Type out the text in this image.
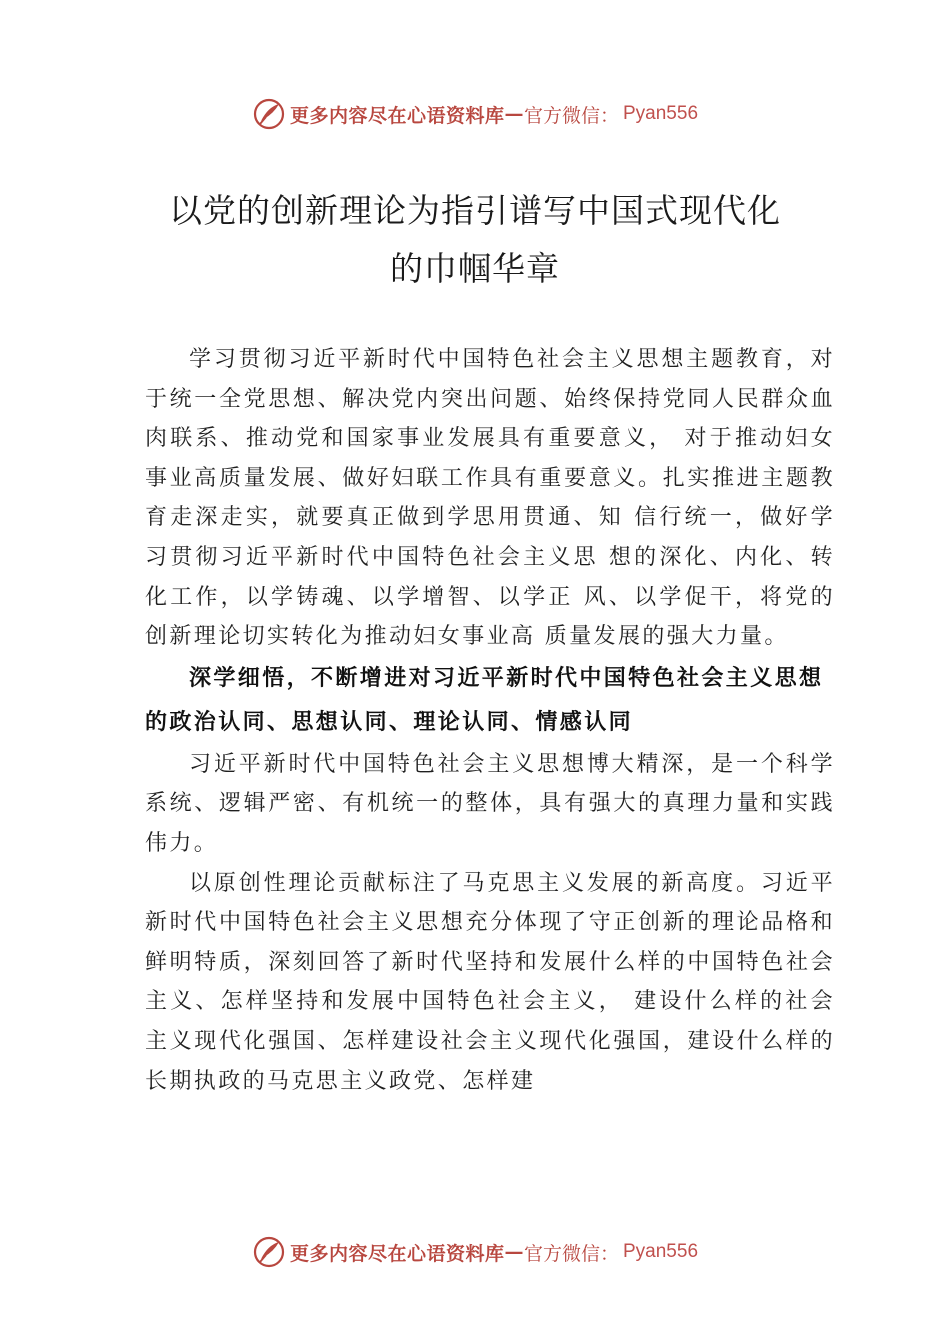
更多内容尽在心语资料库 — 官方微信： Pyan556
以党的创新理论为指引谱写中国式现代化
的巾帼华章

学习贯彻习近平新时代中国特色社会主义思想主题教育，对于统一全党思想、解决党内突出问题、始终保持党同人民群众血肉联系、推动党和国家事业发展具有重要意义， 对于推动妇女事业高质量发展、做好妇联工作具有重要意义。扎实推进主题教育走深走实，就要真正做到学思用贯通、知 信行统一，做好学习贯彻习近平新时代中国特色社会主义思 想的深化、内化、转化工作，以学铸魂、以学增智、以学正 风、以学促干，将党的创新理论切实转化为推动妇女事业高 质量发展的强大力量。

深学细悟，不断增进对习近平新时代中国特色社会主义思想的政治认同、思想认同、理论认同、情感认同

习近平新时代中国特色社会主义思想博大精深，是一个科学系统、逻辑严密、有机统一的整体，具有强大的真理力量和实践伟力。

以原创性理论贡献标注了马克思主义发展的新高度。习近平新时代中国特色社会主义思想充分体现了守正创新的理论品格和鲜明特质，深刻回答了新时代坚持和发展什么样的中国特色社会主义、怎样坚持和发展中国特色社会主义， 建设什么样的社会主义现代化强国、怎样建设社会主义现代化强国，建设什么样的长期执政的马克思主义政党、怎样建

更多内容尽在心语资料库 — 官方微信： Pyan556
